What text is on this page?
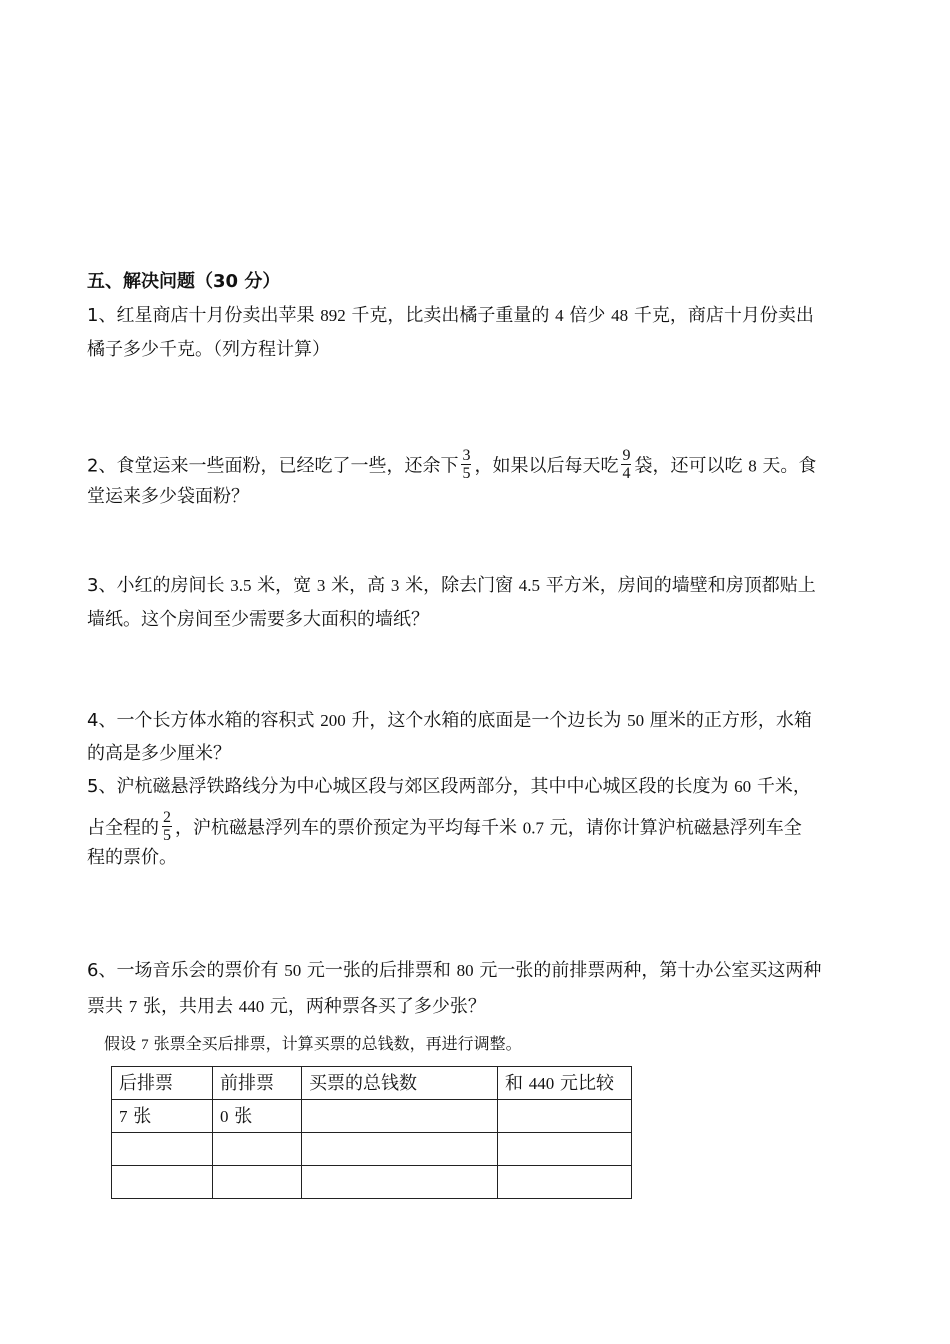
五、解决问题（30 分）
1、红星商店十月份卖出苹果 892 千克，比卖出橘子重量的 4 倍少 48 千克，商店十月份卖出
橘子多少千克。（列方程计算）
2、食堂运来一些面粉，已经吃了一些，还余下 $\frac{3}{5}$ ，如果以后每天吃 $\frac{9}{4}$ 袋，还可以吃 8 天。食
堂运来多少袋面粉？
3、小红的房间长 3.5 米，宽 3 米，高 3 米，除去门窗 4.5 平方米，房间的墙壁和房顶都贴上
墙纸。这个房间至少需要多大面积的墙纸？
4、一个长方体水箱的容积式 200 升，这个水箱的底面是一个边长为 50 厘米的正方形，水箱
的高是多少厘米？
5、沪杭磁悬浮铁路线分为中心城区段与郊区段两部分，其中中心城区段的长度为 60 千米，
占全程的 $\frac{2}{5}$ ，沪杭磁悬浮列车的票价预定为平均每千米 0.7 元，请你计算沪杭磁悬浮列车全
程的票价。
6、一场音乐会的票价有 50 元一张的后排票和 80 元一张的前排票两种，第十办公室买这两种
票共 7 张，共用去 440 元，两种票各买了多少张？
假设 7 张票全买后排票，计算买票的总钱数，再进行调整。
后排票	前排票	买票的总钱数	和 440 元比较
7 张	0 张		
